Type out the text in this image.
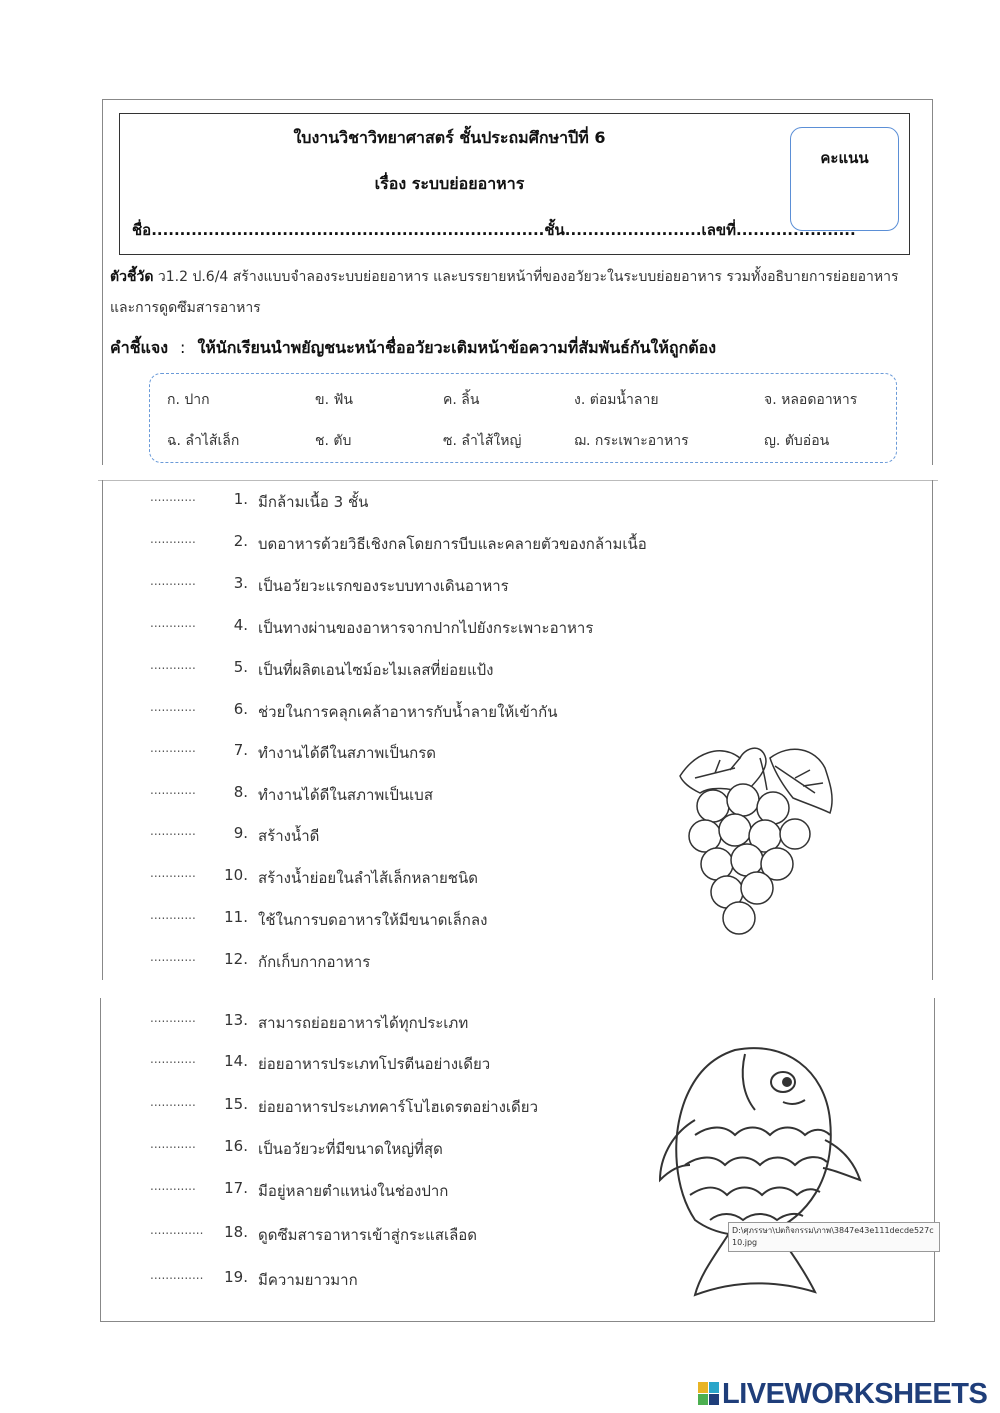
ใบงานวิชาวิทยาศาสตร์ ชั้นประถมศึกษาปีที่ 6
เรื่อง ระบบย่อยอาหาร
ชื่อ.....................................................................ชั้น........................เลขที่.....................
คะแนน
ตัวชี้วัด ว1.2 ป.6/4 สร้างแบบจำลองระบบย่อยอาหาร และบรรยายหน้าที่ของอวัยวะในระบบย่อยอาหาร รวมทั้งอธิบายการย่อยอาหารและการดูดซึมสารอาหาร
คำชี้แจง : ให้นักเรียนนำพยัญชนะหน้าชื่ออวัยวะเติมหน้าข้อความที่สัมพันธ์กันให้ถูกต้อง
ก. ปาก	ข. ฟัน	ค. ลิ้น	ง. ต่อมน้ำลาย	จ. หลอดอาหาร
ฉ. ลำไส้เล็ก	ช. ตับ	ซ. ลำไส้ใหญ่	ฌ. กระเพาะอาหาร	ญ. ตับอ่อน
............	1. มีกล้ามเนื้อ 3 ชั้น
............	2. บดอาหารด้วยวิธีเชิงกลโดยการบีบและคลายตัวของกล้ามเนื้อ
............	3. เป็นอวัยวะแรกของระบบทางเดินอาหาร
............	4. เป็นทางผ่านของอาหารจากปากไปยังกระเพาะอาหาร
............	5. เป็นที่ผลิตเอนไซม์อะไมเลสที่ย่อยแป้ง
............	6. ช่วยในการคลุกเคล้าอาหารกับน้ำลายให้เข้ากัน
............	7. ทำงานได้ดีในสภาพเป็นกรด
............	8. ทำงานได้ดีในสภาพเป็นเบส
............	9. สร้างน้ำดี
............ 10. สร้างน้ำย่อยในลำไส้เล็กหลายชนิด
............ 11. ใช้ในการบดอาหารให้มีขนาดเล็กลง
............ 12. กักเก็บกากอาหาร
............ 13. สามารถย่อยอาหารได้ทุกประเภท
............ 14. ย่อยอาหารประเภทโปรตีนอย่างเดียว
............ 15. ย่อยอาหารประเภทคาร์โบไฮเดรตอย่างเดียว
............ 16. เป็นอวัยวะที่มีขนาดใหญ่ที่สุด
............ 17. มีอยู่หลายตำแหน่งในช่องปาก
.............. 18. ดูดซึมสารอาหารเข้าสู่กระแสเลือด
.............. 19. มีความยาวมาก
D:\ศุภรรษา\ปตกิจกรรม\ภาพ\3847e43e111decde527c
10.jpg
LIVEWORKSHEETS
